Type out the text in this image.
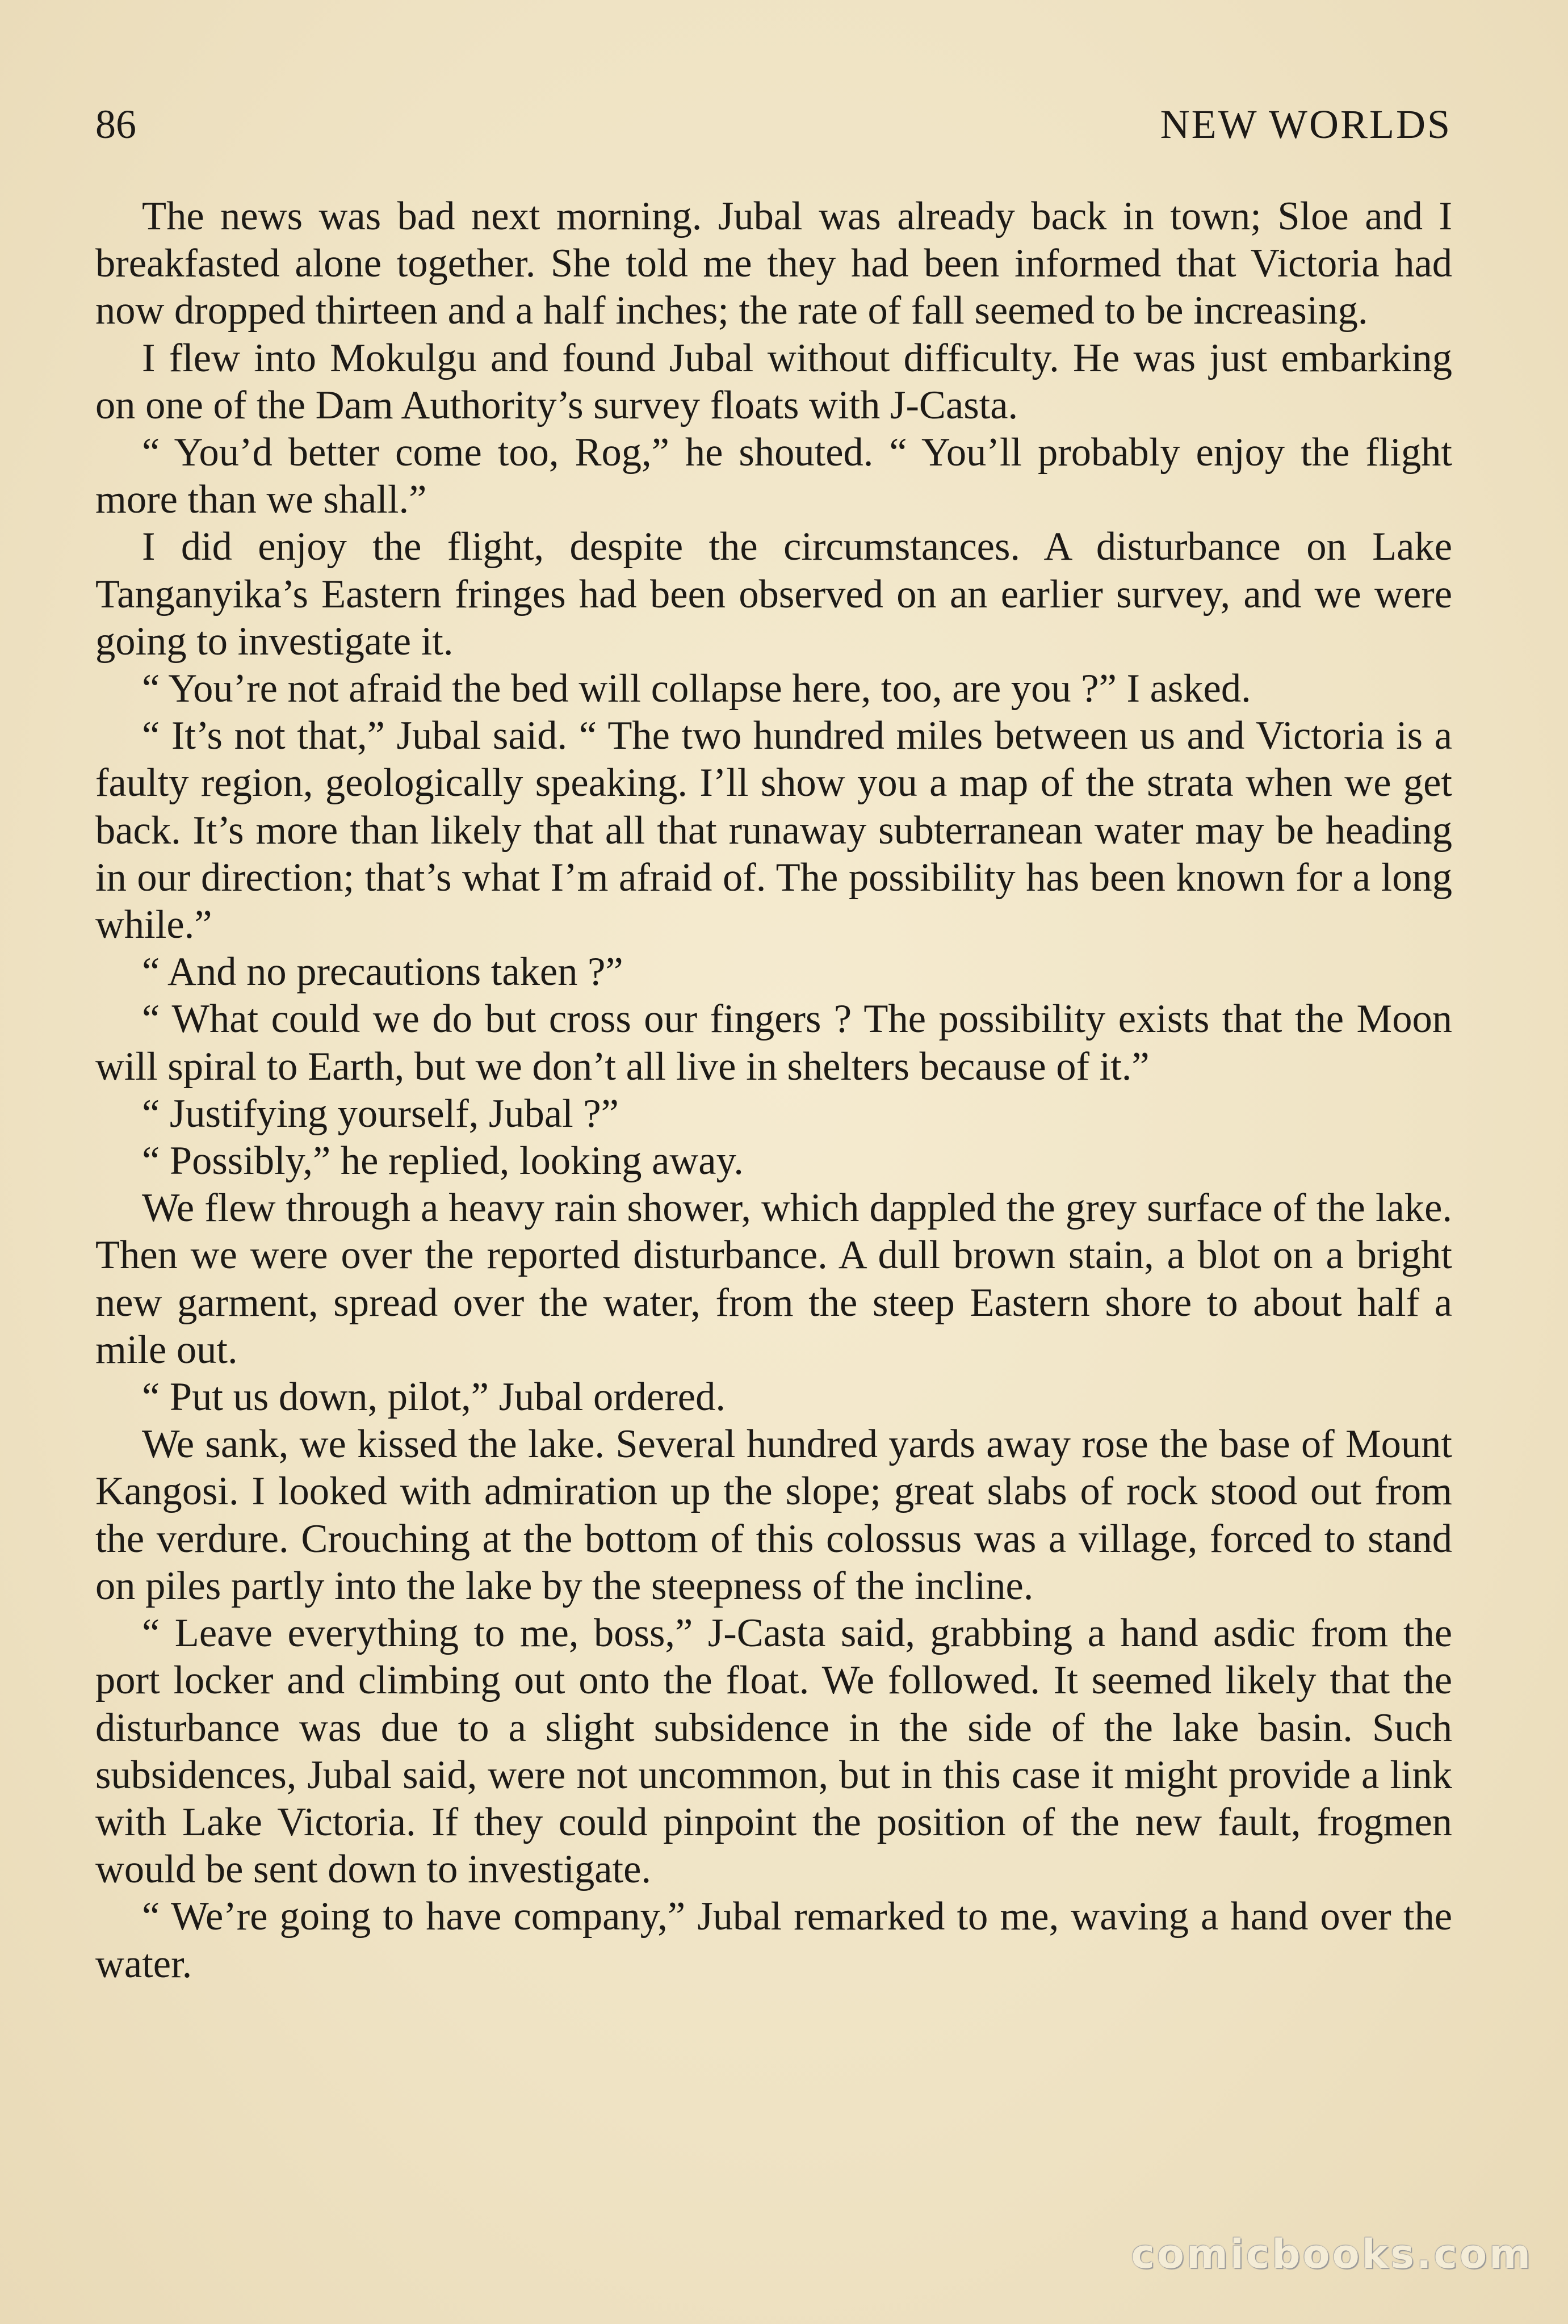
86	NEW WORLDS

The news was bad next morning. Jubal was already back in town; Sloe and I breakfasted alone together. She told me they had been informed that Victoria had now dropped thirteen and a half inches; the rate of fall seemed to be increasing.

I flew into Mokulgu and found Jubal without difficulty. He was just embarking on one of the Dam Authority’s survey floats with J-Casta.

“ You’d better come too, Rog,” he shouted. “ You’ll probably enjoy the flight more than we shall.”

I did enjoy the flight, despite the circumstances. A disturbance on Lake Tanganyika’s Eastern fringes had been observed on an earlier survey, and we were going to investigate it.

“ You’re not afraid the bed will collapse here, too, are you ?” I asked.

“ It’s not that,” Jubal said. “ The two hundred miles between us and Victoria is a faulty region, geologically speaking. I’ll show you a map of the strata when we get back. It’s more than likely that all that runaway subterranean water may be heading in our direction; that’s what I’m afraid of. The possibility has been known for a long while.”

“ And no precautions taken ?”

“ What could we do but cross our fingers ? The possibility exists that the Moon will spiral to Earth, but we don’t all live in shelters because of it.”

“ Justifying yourself, Jubal ?”

“ Possibly,” he replied, looking away.

We flew through a heavy rain shower, which dappled the grey surface of the lake. Then we were over the reported disturbance. A dull brown stain, a blot on a bright new garment, spread over the water, from the steep Eastern shore to about half a mile out.

“ Put us down, pilot,” Jubal ordered.

We sank, we kissed the lake. Several hundred yards away rose the base of Mount Kangosi. I looked with admiration up the slope; great slabs of rock stood out from the verdure. Crouching at the bottom of this colossus was a village, forced to stand on piles partly into the lake by the steepness of the incline.

“ Leave everything to me, boss,” J-Casta said, grabbing a hand asdic from the port locker and climbing out onto the float. We followed. It seemed likely that the disturbance was due to a slight subsidence in the side of the lake basin. Such subsidences, Jubal said, were not uncommon, but in this case it might provide a link with Lake Victoria. If they could pinpoint the position of the new fault, frogmen would be sent down to investigate.

“ We’re going to have company,” Jubal remarked to me, waving a hand over the water.

comicbooks.com
